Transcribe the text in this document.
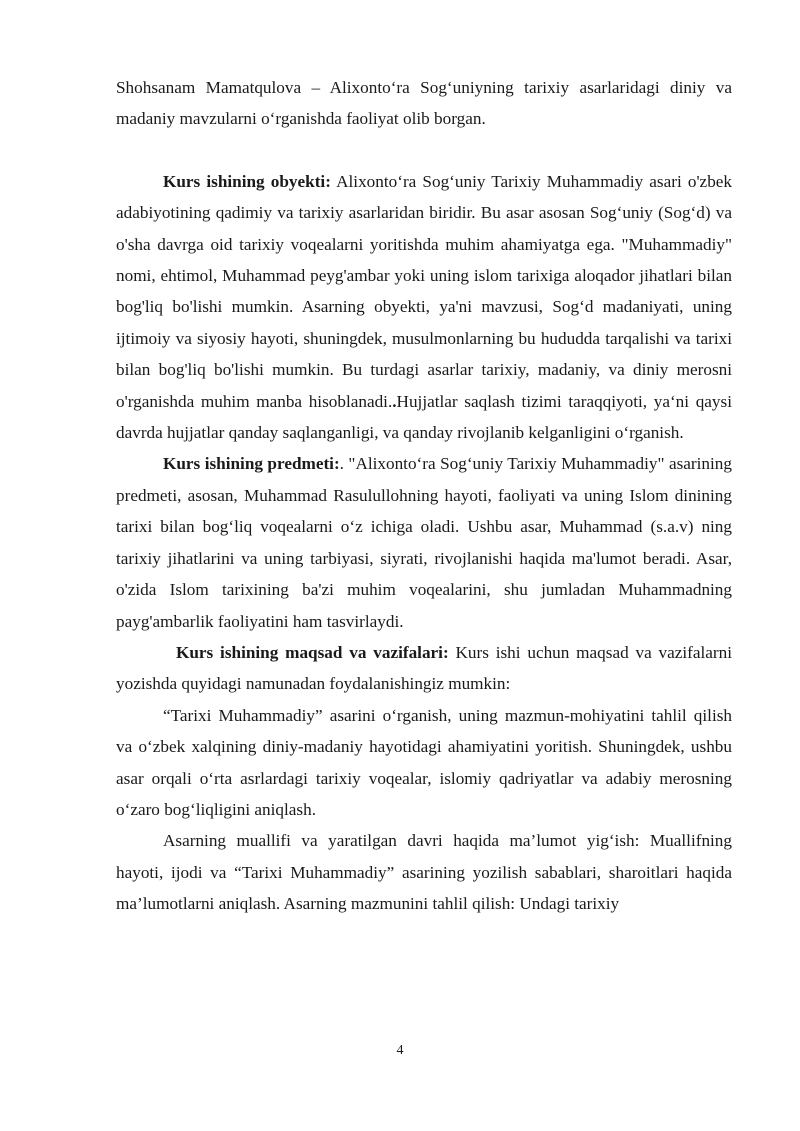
Shohsanam Mamatqulova – Alixonto‘ra Sog‘uniyning tarixiy asarlaridagi diniy va madaniy mavzularni o‘rganishda faoliyat olib borgan.

Kurs ishining obyekti: Alixonto‘ra Sog‘uniy Tarixiy Muhammadiy asari o'zbek adabiyotining qadimiy va tarixiy asarlaridan biridir. Bu asar asosan Sog‘uniy (Sog‘d) va o'sha davrga oid tarixiy voqealarni yoritishda muhim ahamiyatga ega. "Muhammadiy" nomi, ehtimol, Muhammad peyg'ambar yoki uning islom tarixiga aloqador jihatlari bilan bog'liq bo'lishi mumkin. Asarning obyekti, ya'ni mavzusi, Sog‘d madaniyati, uning ijtimoiy va siyosiy hayoti, shuningdek, musulmonlarning bu hududda tarqalishi va tarixi bilan bog'liq bo'lishi mumkin. Bu turdagi asarlar tarixiy, madaniy, va diniy merosni o'rganishda muhim manba hisoblanadi..Hujjatlar saqlash tizimi taraqqiyoti, ya‘ni qaysi davrda hujjatlar qanday saqlanganligi, va qanday rivojlanib kelganligini o‘rganish.

Kurs ishining predmeti:. "Alixonto‘ra Sog‘uniy Tarixiy Muhammadiy" asarining predmeti, asosan, Muhammad Rasulullohning hayoti, faoliyati va uning Islom dinining tarixi bilan bog‘liq voqealarni o‘z ichiga oladi. Ushbu asar, Muhammad (s.a.v) ning tarixiy jihatlarini va uning tarbiyasi, siyrati, rivojlanishi haqida ma'lumot beradi. Asar, o'zida Islom tarixining ba'zi muhim voqealarini, shu jumladan Muhammadning payg'ambarlik faoliyatini ham tasvirlaydi.

Kurs ishining maqsad va vazifalari: Kurs ishi uchun maqsad va vazifalarni yozishda quyidagi namunadan foydalanishingiz mumkin:

“Tarixi Muhammadiy” asarini o‘rganish, uning mazmun-mohiyatini tahlil qilish va o‘zbek xalqining diniy-madaniy hayotidagi ahamiyatini yoritish. Shuningdek, ushbu asar orqali o‘rta asrlardagi tarixiy voqealar, islomiy qadriyatlar va adabiy merosning o‘zaro bog‘liqligini aniqlash.

Asarning muallifi va yaratilgan davri haqida ma’lumot yig‘ish: Muallifning hayoti, ijodi va “Tarixi Muhammadiy” asarining yozilish sabablari, sharoitlari haqida ma’lumotlarni aniqlash. Asarning mazmunini tahlil qilish: Undagi tarixiy

4
